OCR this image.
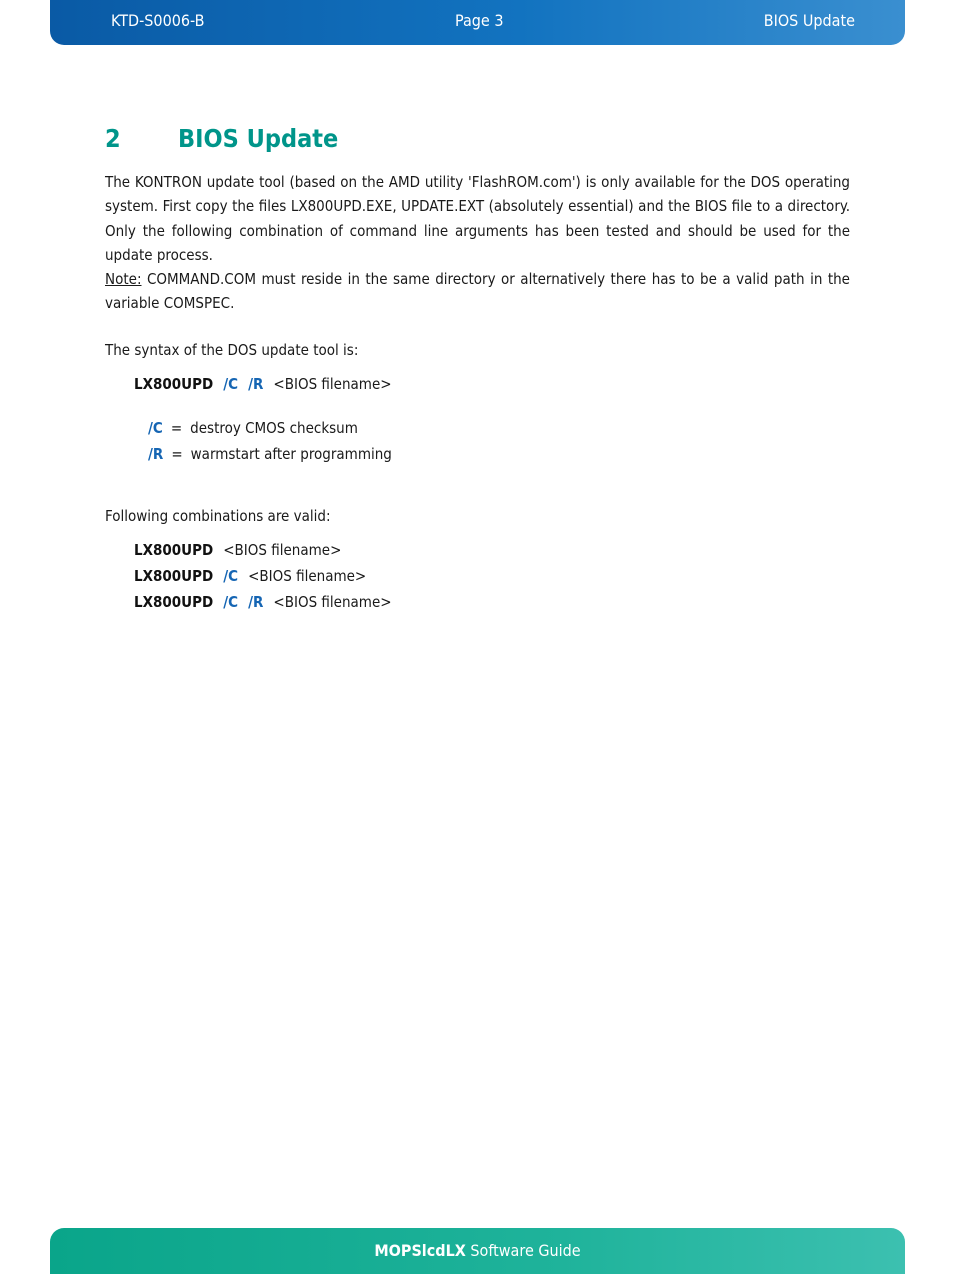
KTD-S0006-B	Page 3	BIOS Update
2 BIOS Update

The KONTRON update tool (based on the AMD utility 'FlashROM.com') is only available for the DOS operating system. First copy the files LX800UPD.EXE, UPDATE.EXT (absolutely essential) and the BIOS file to a directory. Only the following combination of command line arguments has been tested and should be used for the update process.

Note: COMMAND.COM must reside in the same directory or alternatively there has to be a valid path in the variable COMSPEC.

The syntax of the DOS update tool is:
LX800UPD /C /R <BIOS filename>
/C = destroy CMOS checksum
/R = warmstart after programming
Following combinations are valid:
LX800UPD <BIOS filename>
LX800UPD /C <BIOS filename>
LX800UPD /C /R <BIOS filename>
MOPSlcdLX Software Guide
